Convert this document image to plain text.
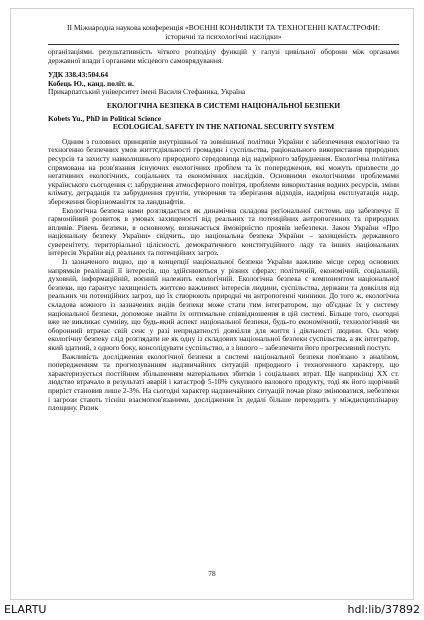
ІІ Міжнародна наукова конференція «ВОЄННІ КОНФЛІКТИ ТА ТЕХНОГЕННІ КАТАСТРОФИ: історичні та психологічні наслідки»
організаціями. результативність чіткого розподілу функцій у галузі цивільної оборони між органами державної влади і органами місцевого самоврядування.
УДК 338.43:504.64
Кобець Ю., канд. політ. н.
Прикарпатський університет імені Василя Стефаника, Україна
ЕКОЛОГІЧНА БЕЗПЕКА В СИСТЕМІ НАЦІОНАЛЬНОЇ БЕЗПЕКИ
Kobets Yu., PhD in Political Science
ECOLOGICAL SAFETY IN THE NATIONAL SECURITY SYSTEM
Одним з головних принципів внутрішньої та зовнішньої політики України є забезпечення екологічно та техногенно безпечних умов життєдіяльності громадян і суспільства, раціонального використання природних ресурсів та захисту навколишнього природного середовища від надмірного забруднення. Екологічна політика спрямована на розв'язання існуючих екологічних проблем та їх попередження, які можуть призвести до негативних екологічних, соціальних та економічних наслідків. Основними екологічними проблемами українського сьогодення є: забруднення атмосферного повітря, проблеми використання водних ресурсів, зміни клімату, деградація та забруднення ґрунтів, утворення та зберігання відходів, надмірна експлуатація надр, збереження біорізноманіття та ландшафтів.
Екологічна безпека нами розглядається як динамічна складова регіональної системи, що забезпечує її гармонійний розвиток в умовах захищеності від реальних та потенційних антропогенних та природних впливів. Рівень безпеки, в основному, визначається ймовірністю проявів небезпеки. Закон України «Про національну безпеку України» свідчить, що національна безпека України – захищеність державного суверенітету, територіальної цілісності, демократичного конституційного ладу та інших національних інтересів України від реальних та потенційних загроз.
Із зазначеного видно, що в концепції національної безпеки України важливе місце серед основних напрямків реалізації її інтересів, що здійснюються у різних сферах: політичній, економічній, соціальній, духовній, інформаційній, воєнній належить екологічній. Екологічна безпека є компонентом національної безпеки, що гарантує захищеність життєво важливих інтересів людини, суспільства, держави та довкілля від реальних чи потенційних загроз, що їх створюють природні чи антропогенні чинники. До того ж, екологічна складова кожного із зазначених видів безпеки може стати тим інтегратором, що об'єднає їх у систему національної безпеки, допоможе знайти їх оптимальне співвідношення в цій системі. Більше того, сьогодні вже не викликає сумніву, що будь-який аспект національної безпеки, будь-то економічний, технологічний чи оборонний втрачає свій сенс у разі непридатності довкілля для життя і діяльності людини. Ось чому екологічну безпеку слід розглядати не як одну із складових національної безпеки суспільства, а як інтегратор, який здатний, з одного боку, консолідувати суспільство, а з іншого – забезпечити його прогресивний поступ.
Важливість дослідження екологічної безпеки в системі національної безпеки пов'язано з аналізом, попередженням та прогнозуванням надзвичайних ситуацій природного і техногенного характеру, що характеризується постійним збільшенням матеріальних збитків і соціальних втрат. Ще наприкінці ХХ ст. людство втрачало в результаті аварій і катастроф 5-10% сукупного валового продукту, тоді як його щорічний приріст становив лише 2-3%. На сьогодні характер надзвичайних ситуацій почав різко змінюватися, небезпеки і загрози стають тісніш взаємопов'язаними, дослідження їх дедалі більше переходить у міждисциплінарну площину. Ризик
78
ELARTU	hdl:lib/37892
